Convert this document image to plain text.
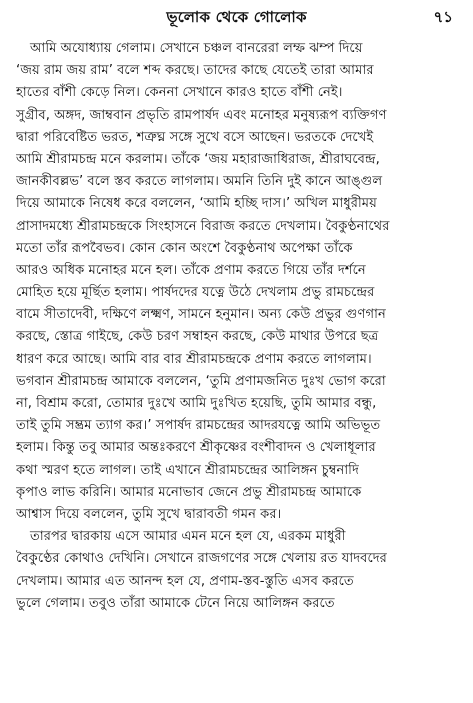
ভূলোক থেকে গোলোক	৭১
আমি অযোধ্যায় গেলাম। সেখানে চঞ্চল বানরেরা লম্ফ ঝম্প দিয়ে
‘জয় রাম জয় রাম’ বলে শব্দ করছে। তাদের কাছে যেতেই তারা আমার
হাতের বাঁশী কেড়ে নিল। কেননা সেখানে কারও হাতে বাঁশী নেই।
সুগ্রীব, অঙ্গদ, জাম্ববান প্রভৃতি রামপার্ষদ এবং মনোহর মনুষ্যরূপ ব্যক্তিগণ
দ্বারা পরিবেষ্টিত ভরত, শত্রুঘ্ন সঙ্গে সুখে বসে আছেন। ভরতকে দেখেই
আমি শ্রীরামচন্দ্র মনে করলাম। তাঁকে ‘জয় মহারাজাধিরাজ, শ্রীরাঘবেন্দ্র,
জানকীবল্লভ’ বলে স্তব করতে লাগলাম। অমনি তিনি দুই কানে আঙ্গুল
দিয়ে আমাকে নিষেধ করে বললেন, ‘আমি হচ্ছি দাস।’ অখিল মাধুরীময়
প্রাসাদমধ্যে শ্রীরামচন্দ্রকে সিংহাসনে বিরাজ করতে দেখলাম। বৈকুণ্ঠনাথের
মতো তাঁর রূপবৈভব। কোন কোন অংশে বৈকুণ্ঠনাথ অপেক্ষা তাঁকে
আরও অধিক মনোহর মনে হল। তাঁকে প্রণাম করতে গিয়ে তাঁর দর্শনে
মোহিত হয়ে মূর্ছিত হলাম। পার্ষদদের যত্নে উঠে দেখলাম প্রভু রামচন্দ্রের
বামে সীতাদেবী, দক্ষিণে লক্ষ্মণ, সামনে হনুমান। অন্য কেউ প্রভুর গুণগান
করছে, স্তোত্র গাইছে, কেউ চরণ সম্বাহন করছে, কেউ মাথার উপরে ছত্র
ধারণ করে আছে। আমি বার বার শ্রীরামচন্দ্রকে প্রণাম করতে লাগলাম।
ভগবান শ্রীরামচন্দ্র আমাকে বললেন, ‘তুমি প্রণামজনিত দুঃখ ভোগ করো
না, বিশ্রাম করো, তোমার দুঃখে আমি দুঃখিত হয়েছি, তুমি আমার বন্ধু,
তাই তুমি সম্ভ্রম ত্যাগ কর।’ সপার্ষদ রামচন্দ্রের আদরযত্নে আমি অভিভূত
হলাম। কিন্তু তবু আমার অন্তঃকরণে শ্রীকৃষ্ণের বংশীবাদন ও খেলাধূলার
কথা স্মরণ হতে লাগল। তাই এখানে শ্রীরামচন্দ্রের আলিঙ্গন চুম্বনাদি
কৃপাও লাভ করিনি। আমার মনোভাব জেনে প্রভু শ্রীরামচন্দ্র আমাকে
আশ্বাস দিয়ে বললেন, তুমি সুখে দ্বারাবতী গমন কর।
তারপর দ্বারকায় এসে আমার এমন মনে হল যে, এরকম মাধুরী
বৈকুণ্ঠের কোথাও দেখিনি। সেখানে রাজগণের সঙ্গে খেলায় রত যাদবদের
দেখলাম। আমার এত আনন্দ হল যে, প্রণাম-স্তব-স্তুতি এসব করতে
ভুলে গেলাম। তবুও তাঁরা আমাকে টেনে নিয়ে আলিঙ্গন করতে
